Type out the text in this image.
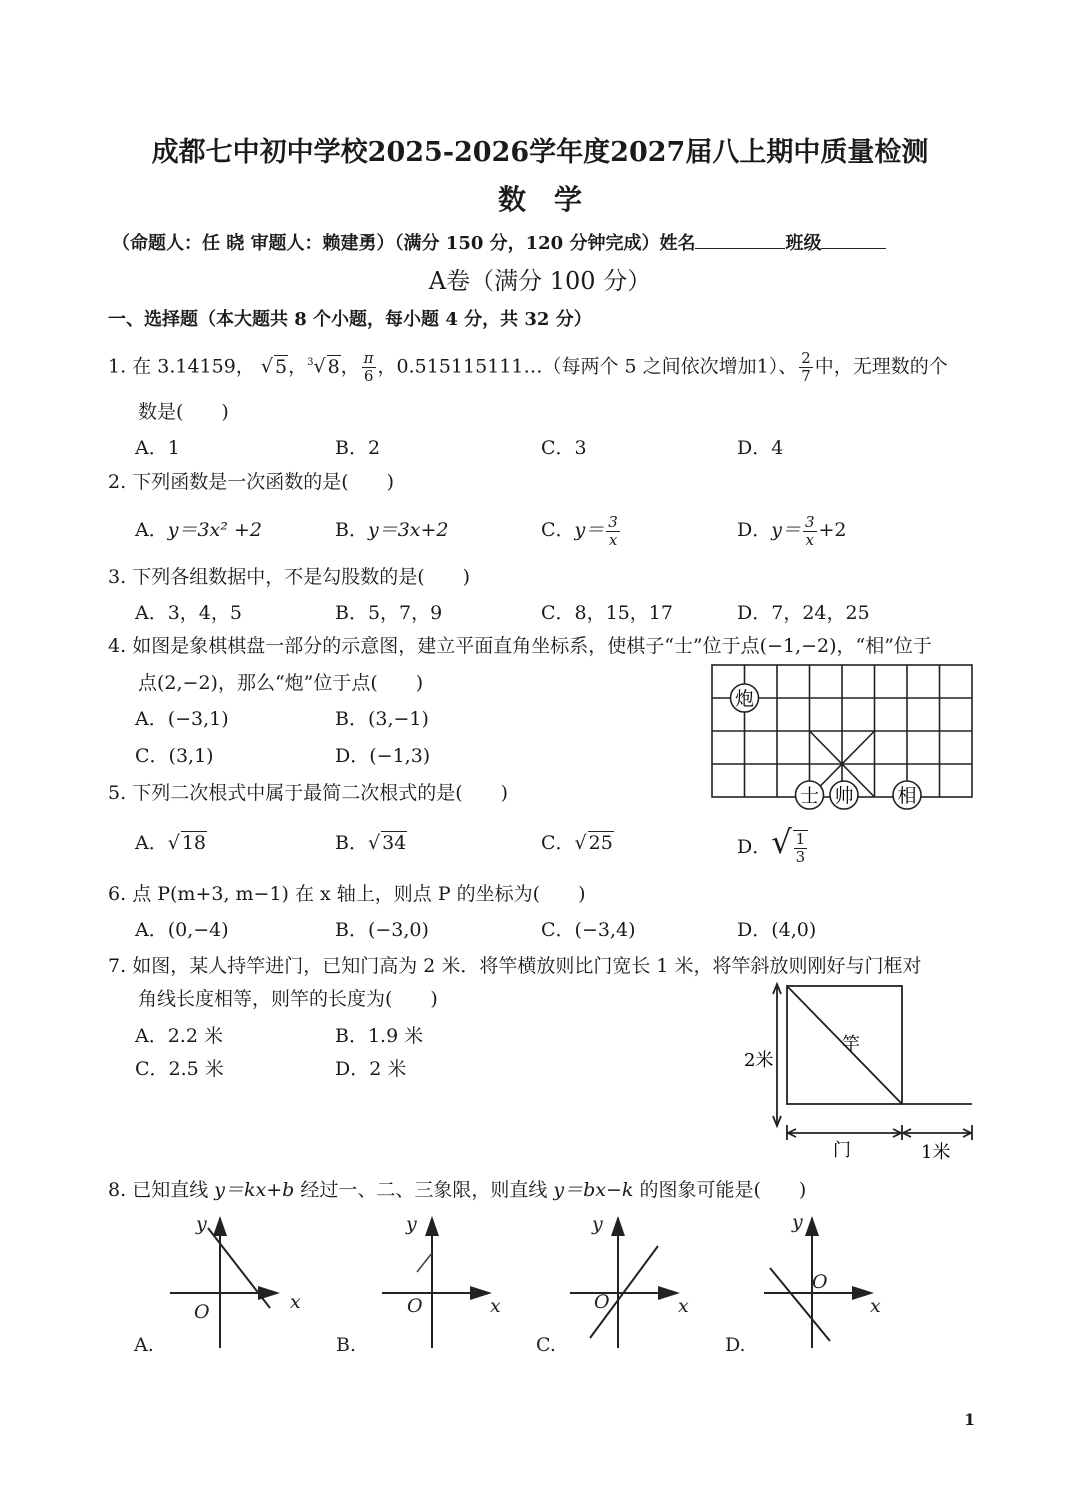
成都七中初中学校2025-2026学年度2027届八上期中质量检测
数　学
（命题人：任 晓 审题人：赖建勇）（满分 150 分，120 分钟完成）姓名	班级
A卷（满分 100 分）
一、选择题（本大题共 8 个小题，每小题 4 分，共 32 分）
1. 在 3.14159， √ 5，$^3$√ 8， $\frac{\pi}{6}$ ，0.515115111…（每两个 5 之间依次增加1）、 $\frac{2}{7}$ 中，无理数的个
数是(　　)
A．1	B．2	C．3	D．4
2. 下列函数是一次函数的是(　　)
A．y＝3x² +2	B．y＝3x+2	C．$y= \frac{3}{x}$	D．$y= \frac{3}{x} +2$
3. 下列各组数据中，不是勾股数的是(　　)
A．3，4，5	B．5，7，9	C．8，15，17	D．7，24，25
4. 如图是象棋棋盘一部分的示意图，建立平面直角坐标系，使棋子“士”位于点(−1,−2)，“相”位于
点(2,−2)，那么“炮”位于点(　　)
A．(−3,1)	B．(3,−1)
C．(3,1)	D．(−1,3)
炮
士 帅 相
5. 下列二次根式中属于最简二次根式的是(　　)
A．√ 18	B．√ 34	C．√ 25	D．√ $\frac{1}{3}$
6. 点 P(m+3, m−1) 在 x 轴上，则点 P 的坐标为(　　)
A．(0,−4)	B．(−3,0)	C．(−3,4)	D．(4,0)
7. 如图，某人持竿进门，已知门高为 2 米．将竿横放则比门宽长 1 米，将竿斜放则刚好与门框对
角线长度相等，则竿的长度为(　　)
A．2.2 米	B．1.9 米
C．2.5 米	D．2 米	2米
竿
门	1米
8. 已知直线 y＝kx+b 经过一、二、三象限，则直线 y＝bx−k 的图象可能是(　　)
y
x
O
A.
y
x
O
B.
y
x
O
C.
y
x
O
D.
1
